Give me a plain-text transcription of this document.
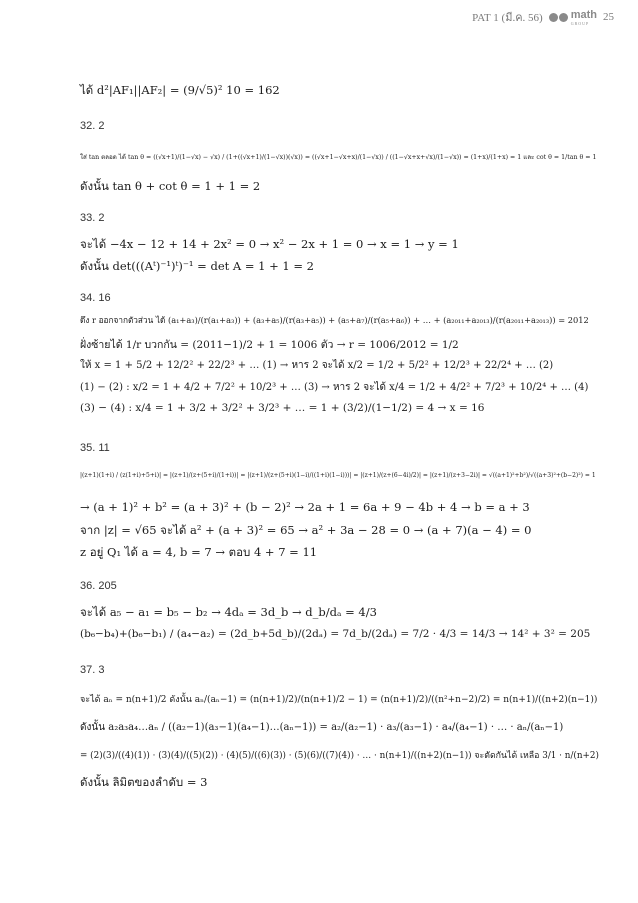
PAT 1 (มี.ค. 56)	math
GROUP	25
ได้ d²|AF₁||AF₂| = (9/√5)² 10 = 162
32. 2
ใส่ tan ตลอด ได้ tan θ = ((√x+1)/(1−√x) − √x) / (1+((√x+1)/(1−√x))(√x)) = ((√x+1−√x+x)/(1−√x)) / ((1−√x+x+√x)/(1−√x)) = (1+x)/(1+x) = 1 และ cot θ = 1/tan θ = 1
ดังนั้น tan θ + cot θ = 1 + 1 = 2
33. 2
จะได้ −4x − 12 + 14 + 2x² = 0 → x² − 2x + 1 = 0 → x = 1 → y = 1
ดังนั้น det(((Aᵗ)⁻¹)ᵗ)⁻¹ = det A = 1 + 1 = 2
34. 16
ดึง r ออกจากตัวส่วน ได้ (a₁+a₃)/(r(a₁+a₃)) + (a₃+a₅)/(r(a₃+a₅)) + (a₅+a₇)/(r(a₅+a₆)) + … + (a₂₀₁₁+a₂₀₁₃)/(r(a₂₀₁₁+a₂₀₁₃)) = 2012
ฝั่งซ้ายได้ 1/r บวกกัน = (2011−1)/2 + 1 = 1006 ตัว → r = 1006/2012 = 1/2
ให้ x = 1 + 5/2 + 12/2² + 22/2³ + … (1) → หาร 2 จะได้ x/2 = 1/2 + 5/2² + 12/2³ + 22/2⁴ + … (2)
(1) − (2) : x/2 = 1 + 4/2 + 7/2² + 10/2³ + … (3) → หาร 2 จะได้ x/4 = 1/2 + 4/2² + 7/2³ + 10/2⁴ + … (4)
(3) − (4) : x/4 = 1 + 3/2 + 3/2² + 3/2³ + … = 1 + (3/2)/(1−1/2) = 4 → x = 16
35. 11
|(z+1)(1+i) / (z(1+i)+5+i)| = |(z+1)/(z+(5+i)/(1+i))| = |(z+1)/(z+(5+i)(1−i)/((1+i)(1−i)))| = |(z+1)/(z+(6−4i)/2)| = |(z+1)/(z+3−2i)| = √((a+1)²+b²)/√((a+3)²+(b−2)²) = 1
→ (a + 1)² + b² = (a + 3)² + (b − 2)² → 2a + 1 = 6a + 9 − 4b + 4 → b = a + 3
จาก |z| = √65 จะได้ a² + (a + 3)² = 65 → a² + 3a − 28 = 0 → (a + 7)(a − 4) = 0
z อยู่ Q₁ ได้ a = 4, b = 7 → ตอบ 4 + 7 = 11
36. 205
จะได้ a₅ − a₁ = b₅ − b₂ → 4dₐ = 3d_b → d_b/dₐ = 4/3
(b₆−b₄)+(b₆−b₁) / (a₄−a₂) = (2d_b+5d_b)/(2dₐ) = 7d_b/(2dₐ) = 7/2 · 4/3 = 14/3 → 14² + 3² = 205
37. 3
จะได้ aₙ = n(n+1)/2 ดังนั้น aₙ/(aₙ−1) = (n(n+1)/2)/(n(n+1)/2 − 1) = (n(n+1)/2)/((n²+n−2)/2) = n(n+1)/((n+2)(n−1))
ดังนั้น a₂a₃a₄…aₙ / ((a₂−1)(a₃−1)(a₄−1)…(aₙ−1)) = a₂/(a₂−1) · a₃/(a₃−1) · a₄/(a₄−1) · … · aₙ/(aₙ−1)
= (2)(3)/((4)(1)) · (3)(4)/((5)(2)) · (4)(5)/((6)(3)) · (5)(6)/((7)(4)) · … · n(n+1)/((n+2)(n−1)) จะตัดกันได้ เหลือ 3/1 · n/(n+2)
ดังนั้น ลิมิตของลำดับ = 3
